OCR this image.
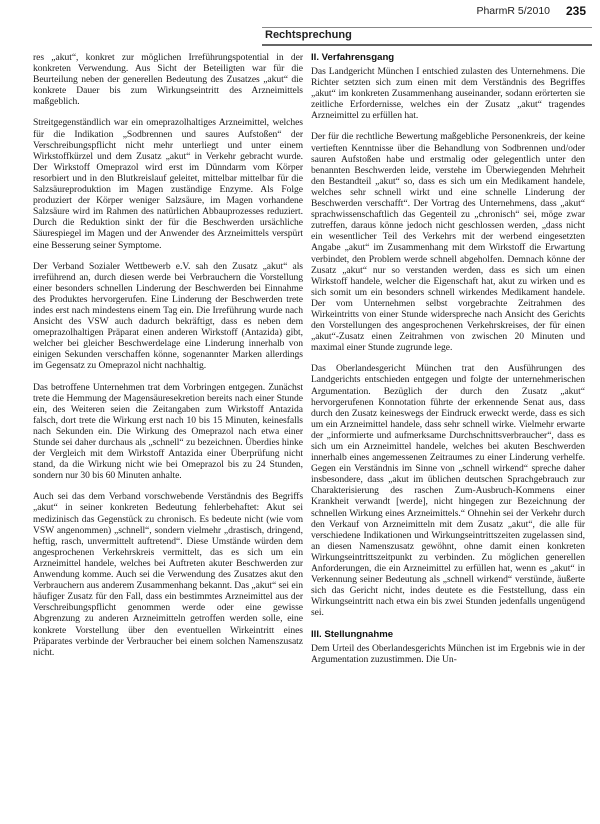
PharmR 5/2010 235
Rechtsprechung

res „akut“, konkret zur möglichen Irreführungspotential in der konkreten Verwendung. Aus Sicht der Beteiligten war für die Beurteilung neben der generellen Bedeutung des Zusatzes „akut“ die konkrete Dauer bis zum Wirkungseintritt des Arzneimittels maßgeblich.

Streitgegenständlich war ein omeprazolhaltiges Arzneimittel, welches für die Indikation „Sodbrennen und saures Aufstoßen“ der Verschreibungspflicht nicht mehr unterliegt und unter einem Wirkstoffkürzel und dem Zusatz „akut“ in Verkehr gebracht wurde. Der Wirkstoff Omeprazol wird erst im Dünndarm vom Körper resorbiert und in den Blutkreislauf geleitet, mittelbar mittelbar für die Salzsäureproduktion im Magen zuständige Enzyme. Als Folge produziert der Körper weniger Salzsäure, im Magen vorhandene Salzsäure wird im Rahmen des natürlichen Abbauprozesses reduziert. Durch die Reduktion sinkt der für die Beschwerden ursächliche Säurespiegel im Magen und der Anwender des Arzneimittels verspürt eine Besserung seiner Symptome.

Der Verband Sozialer Wettbewerb e.V. sah den Zusatz „akut“ als irreführend an, durch diesen werde bei Verbrauchern die Vorstellung einer besonders schnellen Linderung der Beschwerden bei Einnahme des Produktes hervorgerufen. Eine Linderung der Beschwerden trete indes erst nach mindestens einem Tag ein. Die Irreführung wurde nach Ansicht des VSW auch dadurch bekräftigt, dass es neben dem omeprazolhaltigen Präparat einen anderen Wirkstoff (Antazida) gibt, welcher bei gleicher Beschwerdelage eine Linderung innerhalb von einigen Sekunden verschaffen könne, sogenannter Marken allerdings im Gegensatz zu Omeprazol nicht nachhaltig.

Das betroffene Unternehmen trat dem Vorbringen entgegen. Zunächst trete die Hemmung der Magensäuresekretion bereits nach einer Stunde ein, des Weiteren seien die Zeitangaben zum Wirkstoff Antazida falsch, dort trete die Wirkung erst nach 10 bis 15 Minuten, keinesfalls nach Sekunden ein. Die Wirkung des Omeprazol nach etwa einer Stunde sei daher durchaus als „schnell“ zu bezeichnen. Überdies hinke der Vergleich mit dem Wirkstoff Antazida einer Überprüfung nicht stand, da die Wirkung nicht wie bei Omeprazol bis zu 24 Stunden, sondern nur 30 bis 60 Minuten anhalte.

Auch sei das dem Verband vorschwebende Verständnis des Begriffs „akut“ in seiner konkreten Bedeutung fehlerbehaftet: Akut sei medizinisch das Gegenstück zu chronisch. Es bedeute nicht (wie vom VSW angenommen) „schnell“, sondern vielmehr „drastisch, dringend, heftig, rasch, unvermittelt auftretend“. Diese Umstände würden dem angesprochenen Verkehrskreis vermittelt, das es sich um ein Arzneimittel handele, welches bei Auftreten akuter Beschwerden zur Anwendung komme. Auch sei die Verwendung des Zusatzes akut den Verbrauchern aus anderem Zusammenhang bekannt. Das „akut“ sei ein häufiger Zusatz für den Fall, dass ein bestimmtes Arzneimittel aus der Verschreibungspflicht genommen werde oder eine gewisse Abgrenzung zu anderen Arzneimitteln getroffen werden solle, eine konkrete Vorstellung über den eventuellen Wirkeintritt eines Präparates verbinde der Verbraucher bei einem solchen Namenszusatz nicht.

II. Verfahrensgang

Das Landgericht München I entschied zulasten des Unternehmens. Die Richter setzten sich zum einen mit dem Verständnis des Begriffes „akut“ im konkreten Zusammenhang auseinander, sodann erörterten sie zeitliche Erfordernisse, welches ein der Zusatz „akut“ tragendes Arzneimittel zu erfüllen hat.

Der für die rechtliche Bewertung maßgebliche Personenkreis, der keine vertieften Kenntnisse über die Behandlung von Sodbrennen und/oder sauren Aufstoßen habe und erstmalig oder gelegentlich unter den benannten Beschwerden leide, verstehe im Überwiegenden Mehrheit den Bestandteil „akut“ so, dass es sich um ein Medikament handele, welches sehr schnell wirkt und eine schnelle Linderung der Beschwerden verschafft“. Der Vortrag des Unternehmens, dass „akut“ sprachwissenschaftlich das Gegenteil zu „chronisch“ sei, möge zwar zutreffen, daraus könne jedoch nicht geschlossen werden, „dass nicht ein wesentlicher Teil des Verkehrs mit der werbend eingesetzten Angabe „akut“ im Zusammenhang mit dem Wirkstoff die Erwartung verbindet, den Problem werde schnell abgeholfen. Demnach könne der Zusatz „akut“ nur so verstanden werden, dass es sich um einen Wirkstoff handele, welcher die Eigenschaft hat, akut zu wirken und es sich somit um ein besonders schnell wirkendes Medikament handele. Der vom Unternehmen selbst vorgebrachte Zeitrahmen des Wirkeintritts von einer Stunde widerspreche nach Ansicht des Gerichts den Vorstellungen des angesprochenen Verkehrskreises, der für einen „akut“-Zusatz einen Zeitrahmen von zwischen 20 Minuten und maximal einer Stunde zugrunde lege.

Das Oberlandesgericht München trat den Ausführungen des Landgerichts entschieden entgegen und folgte der unternehmerischen Argumentation. Bezüglich der durch den Zusatz „akut“ hervorgerufenen Konnotation führte der erkennende Senat aus, dass durch den Zusatz keineswegs der Eindruck erweckt werde, dass es sich um ein Arzneimittel handele, dass sehr schnell wirke. Vielmehr erwarte der „informierte und aufmerksame Durchschnittsverbraucher“, dass es sich um ein Arzneimittel handele, welches bei akuten Beschwerden innerhalb eines angemessenen Zeitraumes zu einer Linderung verhelfe. Gegen ein Verständnis im Sinne von „schnell wirkend“ spreche daher insbesondere, dass „akut im üblichen deutschen Sprachgebrauch zur Charakterisierung des raschen Zum-Ausbruch-Kommens einer Krankheit verwandt [werde], nicht hingegen zur Bezeichnung der schnellen Wirkung eines Arzneimittels.“ Ohnehin sei der Verkehr durch den Verkauf von Arzneimitteln mit dem Zusatz „akut“, die alle für verschiedene Indikationen und Wirkungseintrittszeiten zugelassen sind, an diesen Namenszusatz gewöhnt, ohne damit einen konkreten Wirkungseintrittszeitpunkt zu verbinden. Zu möglichen generellen Anforderungen, die ein Arzneimittel zu erfüllen hat, wenn es „akut“ in Verkennung seiner Bedeutung als „schnell wirkend“ verstünde, äußerte sich das Gericht nicht, indes deutete es die Feststellung, dass ein Wirkungseintritt nach etwa ein bis zwei Stunden jedenfalls ungenügend sei.

III. Stellungnahme

Dem Urteil des Oberlandesgerichts München ist im Ergebnis wie in der Argumentation zuzustimmen. Die Un-
